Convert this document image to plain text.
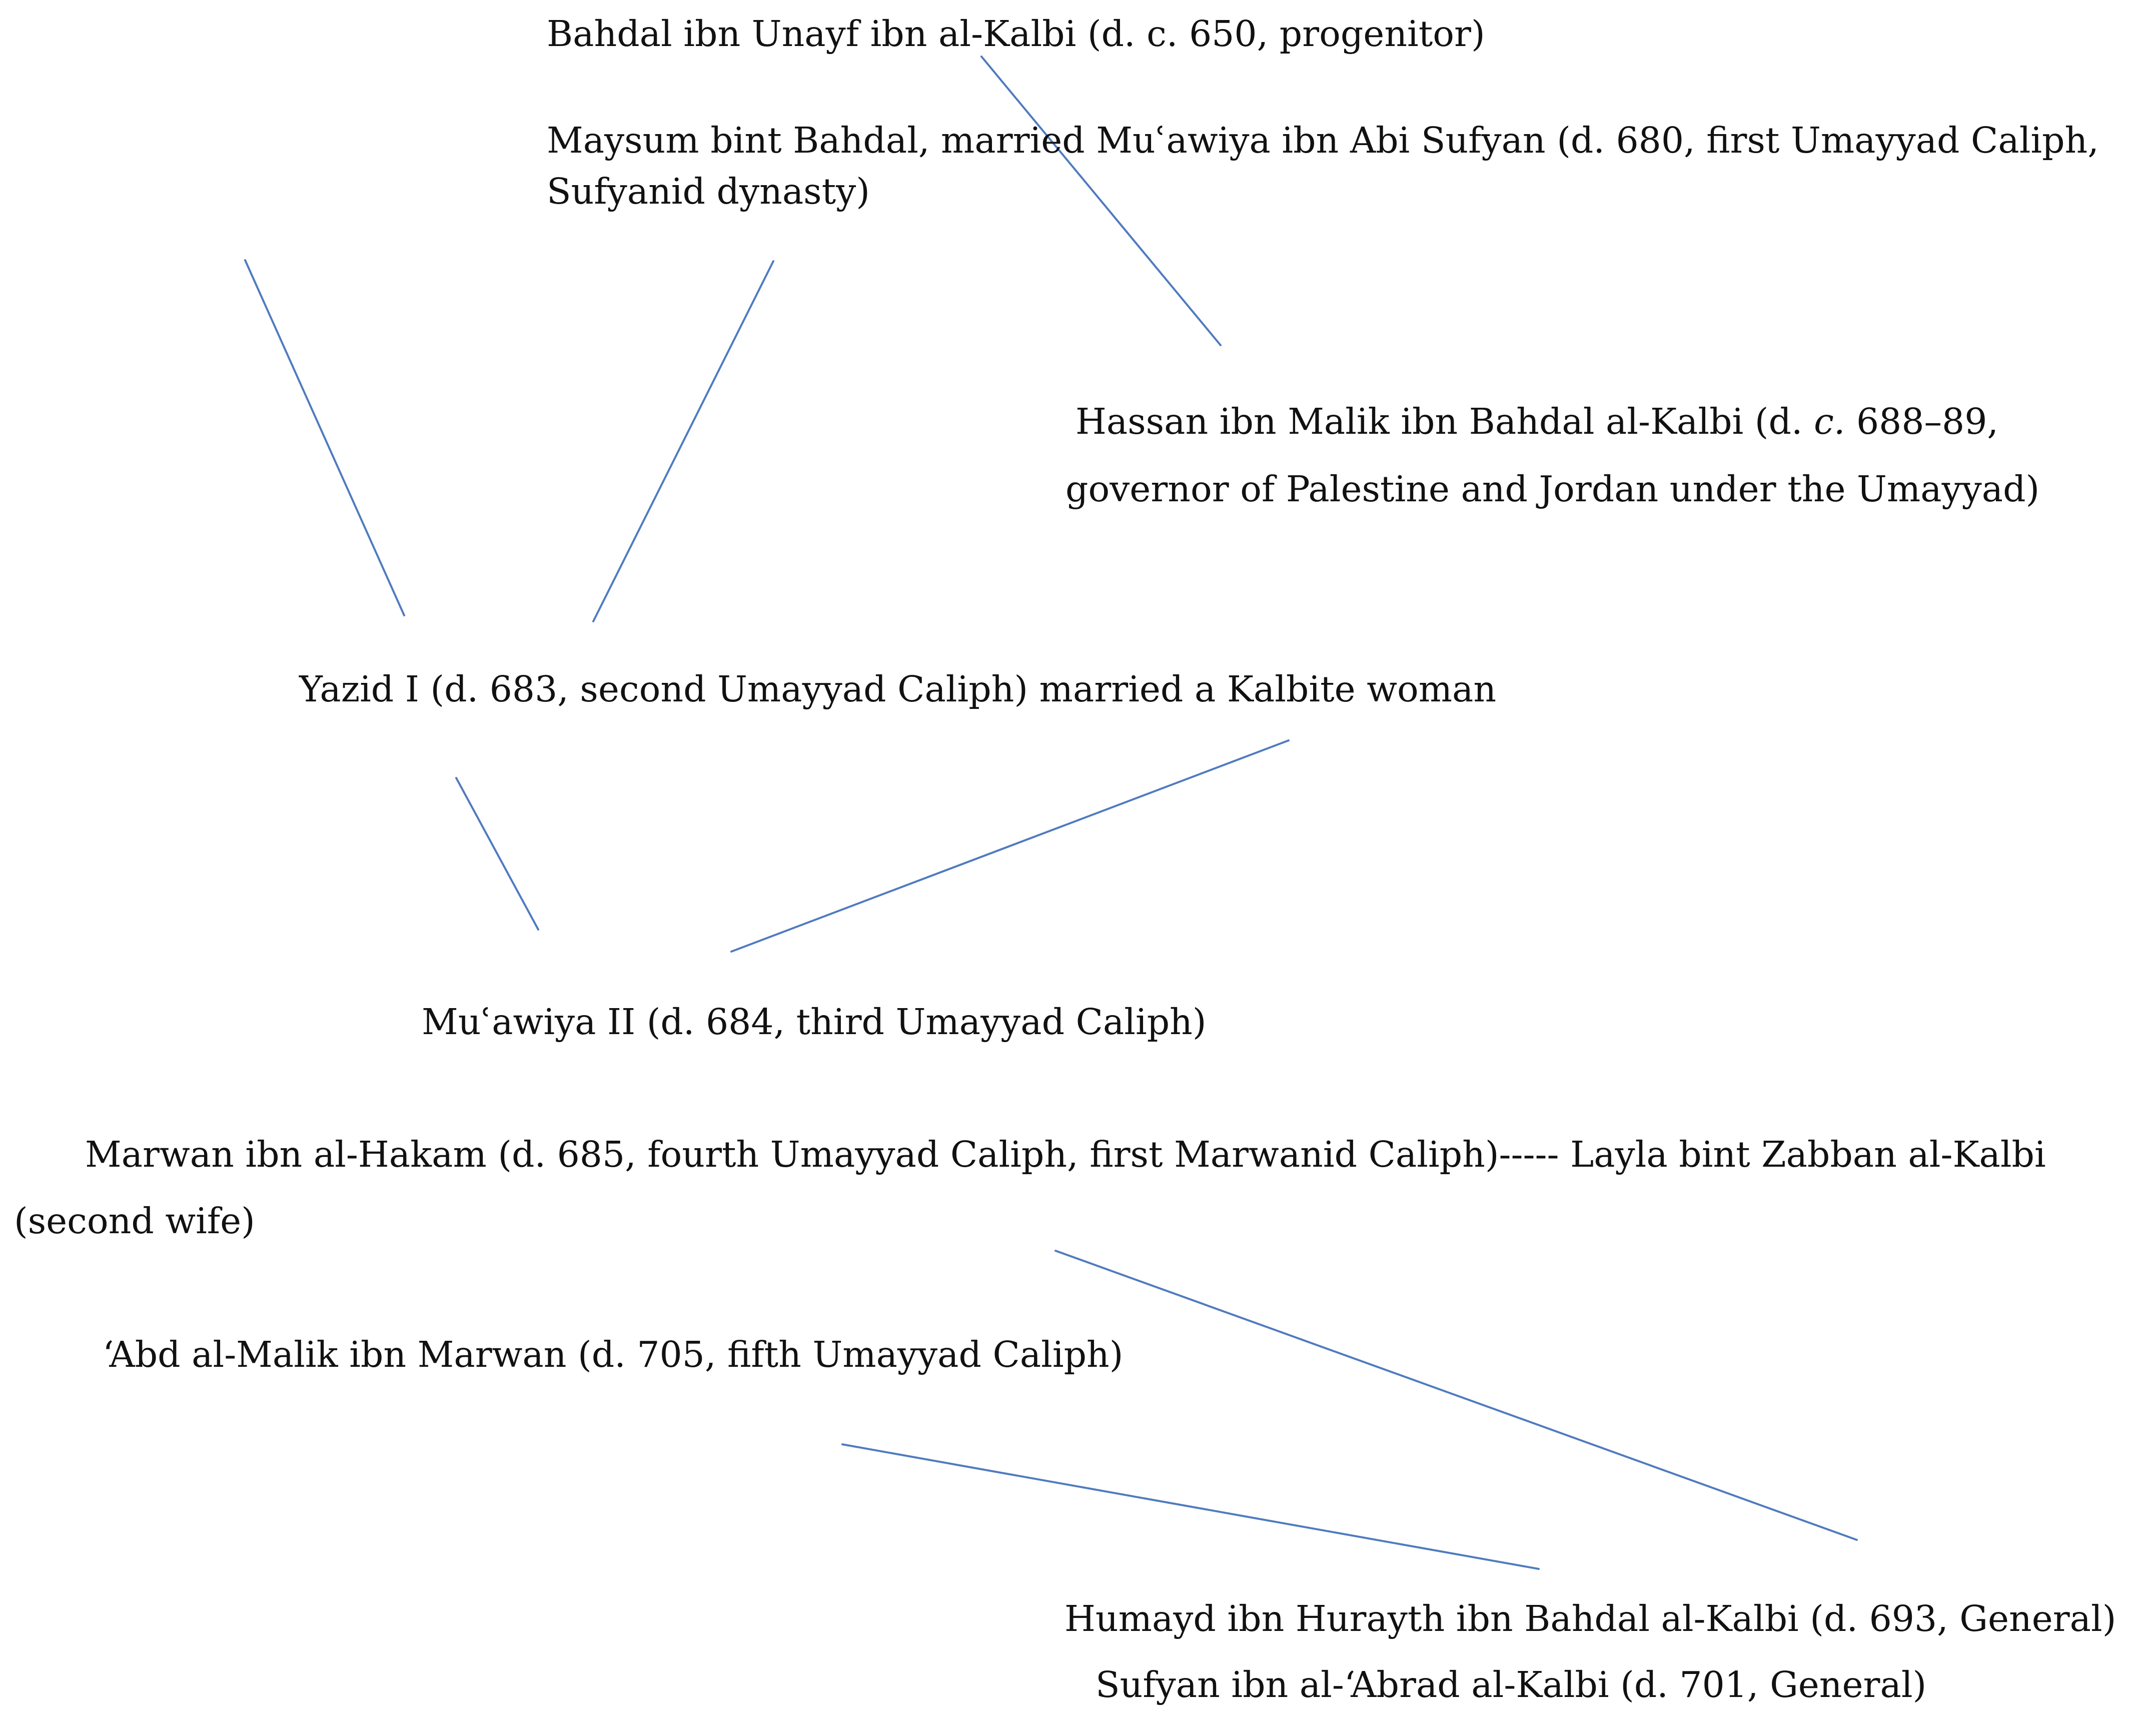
Bahdal ibn Unayf ibn al-Kalbi (d. c. 650, progenitor)
Maysum bint Bahdal, married Muʿawiya ibn Abi Sufyan (d. 680, first Umayyad Caliph,
Sufyanid dynasty)
Hassan ibn Malik ibn Bahdal al-Kalbi (d. c. 688–89,
governor of Palestine and Jordan under the Umayyad)
Yazid I (d. 683, second Umayyad Caliph) married a Kalbite woman
Muʿawiya II (d. 684, third Umayyad Caliph)
Marwan ibn al-Hakam (d. 685, fourth Umayyad Caliph, first Marwanid Caliph)----- Layla bint Zabban al-Kalbi
(second wife)
ʻAbd al-Malik ibn Marwan (d. 705, fifth Umayyad Caliph)
Humayd ibn Hurayth ibn Bahdal al-Kalbi (d. 693, General)
Sufyan ibn al-ʻAbrad al-Kalbi (d. 701, General)
